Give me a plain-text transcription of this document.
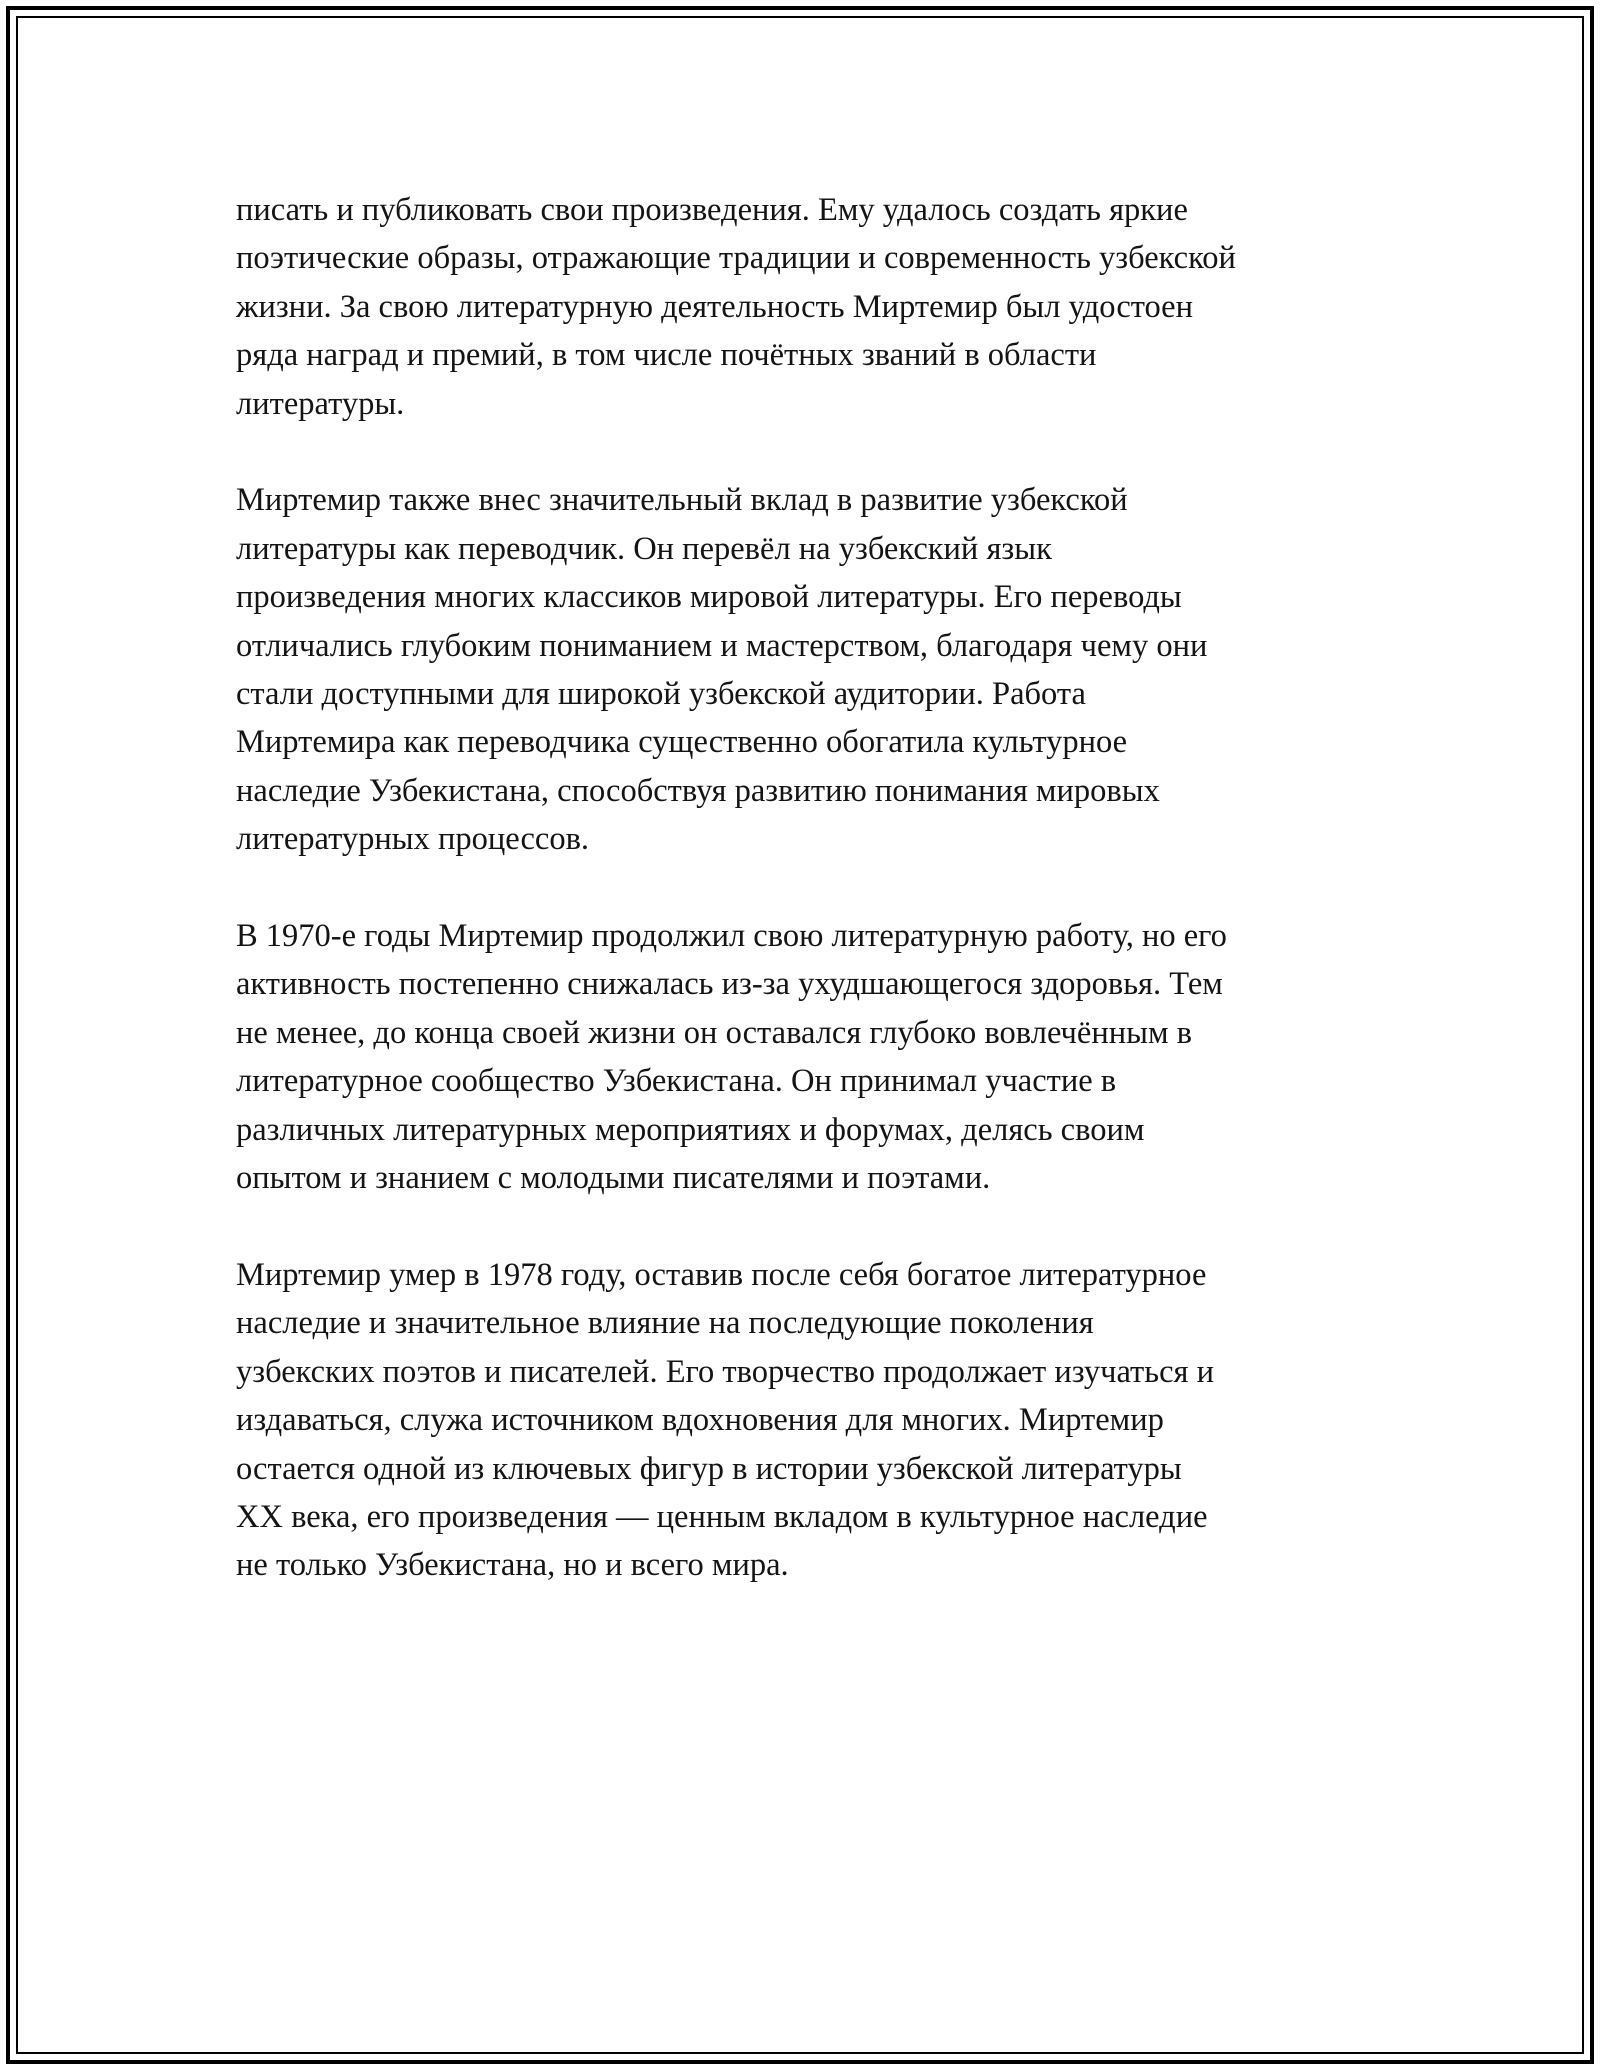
писать и публиковать свои произведения. Ему удалось создать яркие
поэтические образы, отражающие традиции и современность узбекской
жизни. За свою литературную деятельность Миртемир был удостоен
ряда наград и премий, в том числе почётных званий в области
литературы.

Миртемир также внес значительный вклад в развитие узбекской
литературы как переводчик. Он перевёл на узбекский язык
произведения многих классиков мировой литературы. Его переводы
отличались глубоким пониманием и мастерством, благодаря чему они
стали доступными для широкой узбекской аудитории. Работа
Миртемира как переводчика существенно обогатила культурное
наследие Узбекистана, способствуя развитию понимания мировых
литературных процессов.

В 1970-е годы Миртемир продолжил свою литературную работу, но его
активность постепенно снижалась из-за ухудшающегося здоровья. Тем
не менее, до конца своей жизни он оставался глубоко вовлечённым в
литературное сообщество Узбекистана. Он принимал участие в
различных литературных мероприятиях и форумах, делясь своим
опытом и знанием с молодыми писателями и поэтами.

Миртемир умер в 1978 году, оставив после себя богатое литературное
наследие и значительное влияние на последующие поколения
узбекских поэтов и писателей. Его творчество продолжает изучаться и
издаваться, служа источником вдохновения для многих. Миртемир
остается одной из ключевых фигур в истории узбекской литературы
XX века, его произведения — ценным вкладом в культурное наследие
не только Узбекистана, но и всего мира.
